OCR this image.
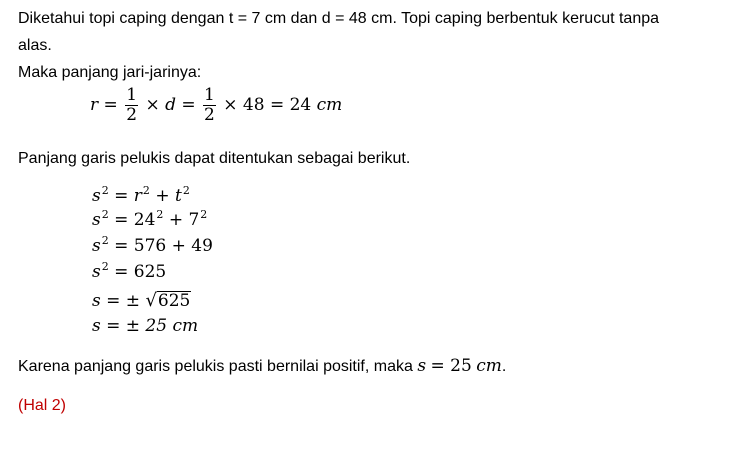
Diketahui topi caping dengan t = 7 cm dan d = 48 cm. Topi caping berbentuk kerucut tanpa
alas.
Maka panjang jari-jarinya:
$r = \frac{1}{2} \times d = \frac{1}{2} \times 48 = 24$ cm
Panjang garis pelukis dapat ditentukan sebagai berikut.
$s^2 = r^2 + t^2$
$s^2 = 24^2 + 7^2$
$s^2 = 576 + 49$
$s^2 = 625$
s = ± √625
s = ± 25 cm
Karena panjang garis pelukis pasti bernilai positif, maka s = 25 cm.
(Hal 2)
